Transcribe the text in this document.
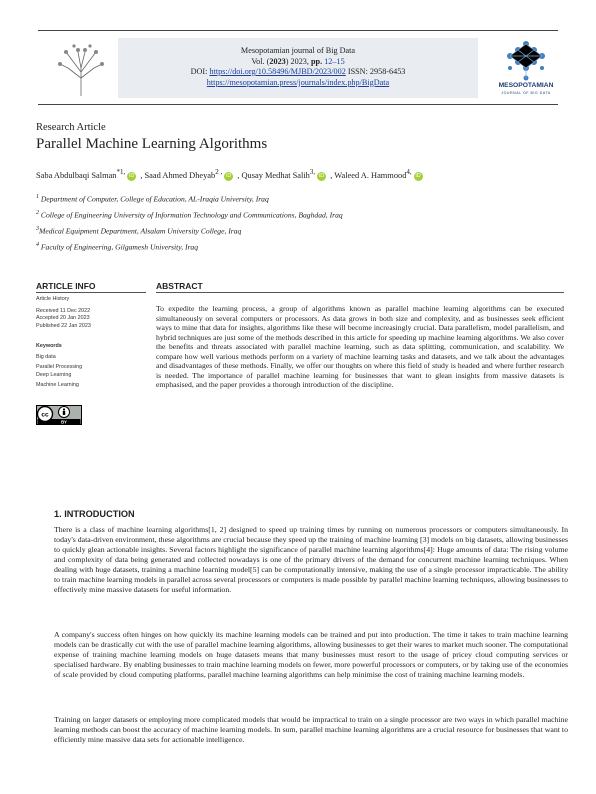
Mesopotamian journal of Big Data
Vol. (2023) 2023, pp. 12–15
DOI: https://doi.org/10.58496/MJBD/2023/002 ISSN: 2958-6453
https://mesopotamian.press/journals/index.php/BigData	MESOPOTAMIAN
JOURNAL OF BIG DATA
Research Article
Parallel Machine Learning Algorithms
Saba Abdulbaqi Salman$^{*1,}$ iD , Saad Ahmed Dheyab$^{2 ,}$ iD , Qusay Medhat Salih$^{3,}$ iD , Waleed A. Hammood$^{4,}$ iD
$^1$ Department of Computer, College of Education, AL-Iraqia University, Iraq
$^2$ College of Engineering University of Information Technology and Communications, Baghdad, Iraq
$^3$Medical Equipment Department, Alsalam University College, Iraq
$^4$ Faculty of Engineering, Gilgamesh University, Iraq
ARTICLE INFO
Article History
Received 11 Dec 2022
Accepted 20 Jan 2023
Published 22 Jan 2023
Keywords
Big data
Parallel Processing
Deep Learning
Machine Learning
cc
BY
ABSTRACT
To expedite the learning process, a group of algorithms known as parallel machine learning algorithms can be executed simultaneously on several computers or processors. As data grows in both size and complexity, and as businesses seek efficient ways to mine that data for insights, algorithms like these will become increasingly crucial. Data parallelism, model parallelism, and hybrid techniques are just some of the methods described in this article for speeding up machine learning algorithms. We also cover the benefits and threats associated with parallel machine learning, such as data splitting, communication, and scalability. We compare how well various methods perform on a variety of machine learning tasks and datasets, and we talk about the advantages and disadvantages of these methods. Finally, we offer our thoughts on where this field of study is headed and where further research is needed. The importance of parallel machine learning for businesses that want to glean insights from massive datasets is emphasised, and the paper provides a thorough introduction of the discipline.
1. INTRODUCTION
There is a class of machine learning algorithms[1, 2] designed to speed up training times by running on numerous processors or computers simultaneously. In today's data-driven environment, these algorithms are crucial because they speed up the training of machine learning [3] models on big datasets, allowing businesses to quickly glean actionable insights. Several factors highlight the significance of parallel machine learning algorithms[4]: Huge amounts of data: The rising volume and complexity of data being generated and collected nowadays is one of the primary drivers of the demand for concurrent machine learning techniques. When dealing with huge datasets, training a machine learning model[5] can be computationally intensive, making the use of a single processor impracticable. The ability to train machine learning models in parallel across several processors or computers is made possible by parallel machine learning techniques, allowing businesses to effectively mine massive datasets for useful information.
A company's success often hinges on how quickly its machine learning models can be trained and put into production. The time it takes to train machine learning models can be drastically cut with the use of parallel machine learning algorithms, allowing businesses to get their wares to market much sooner. The computational expense of training machine learning models on huge datasets means that many businesses must resort to the usage of pricey cloud computing services or specialised hardware. By enabling businesses to train machine learning models on fewer, more powerful processors or computers, or by taking use of the economies of scale provided by cloud computing platforms, parallel machine learning algorithms can help minimise the cost of training machine learning models.
Training on larger datasets or employing more complicated models that would be impractical to train on a single processor are two ways in which parallel machine learning methods can boost the accuracy of machine learning models. In sum, parallel machine learning algorithms are a crucial resource for businesses that want to efficiently mine massive data sets for actionable intelligence.
